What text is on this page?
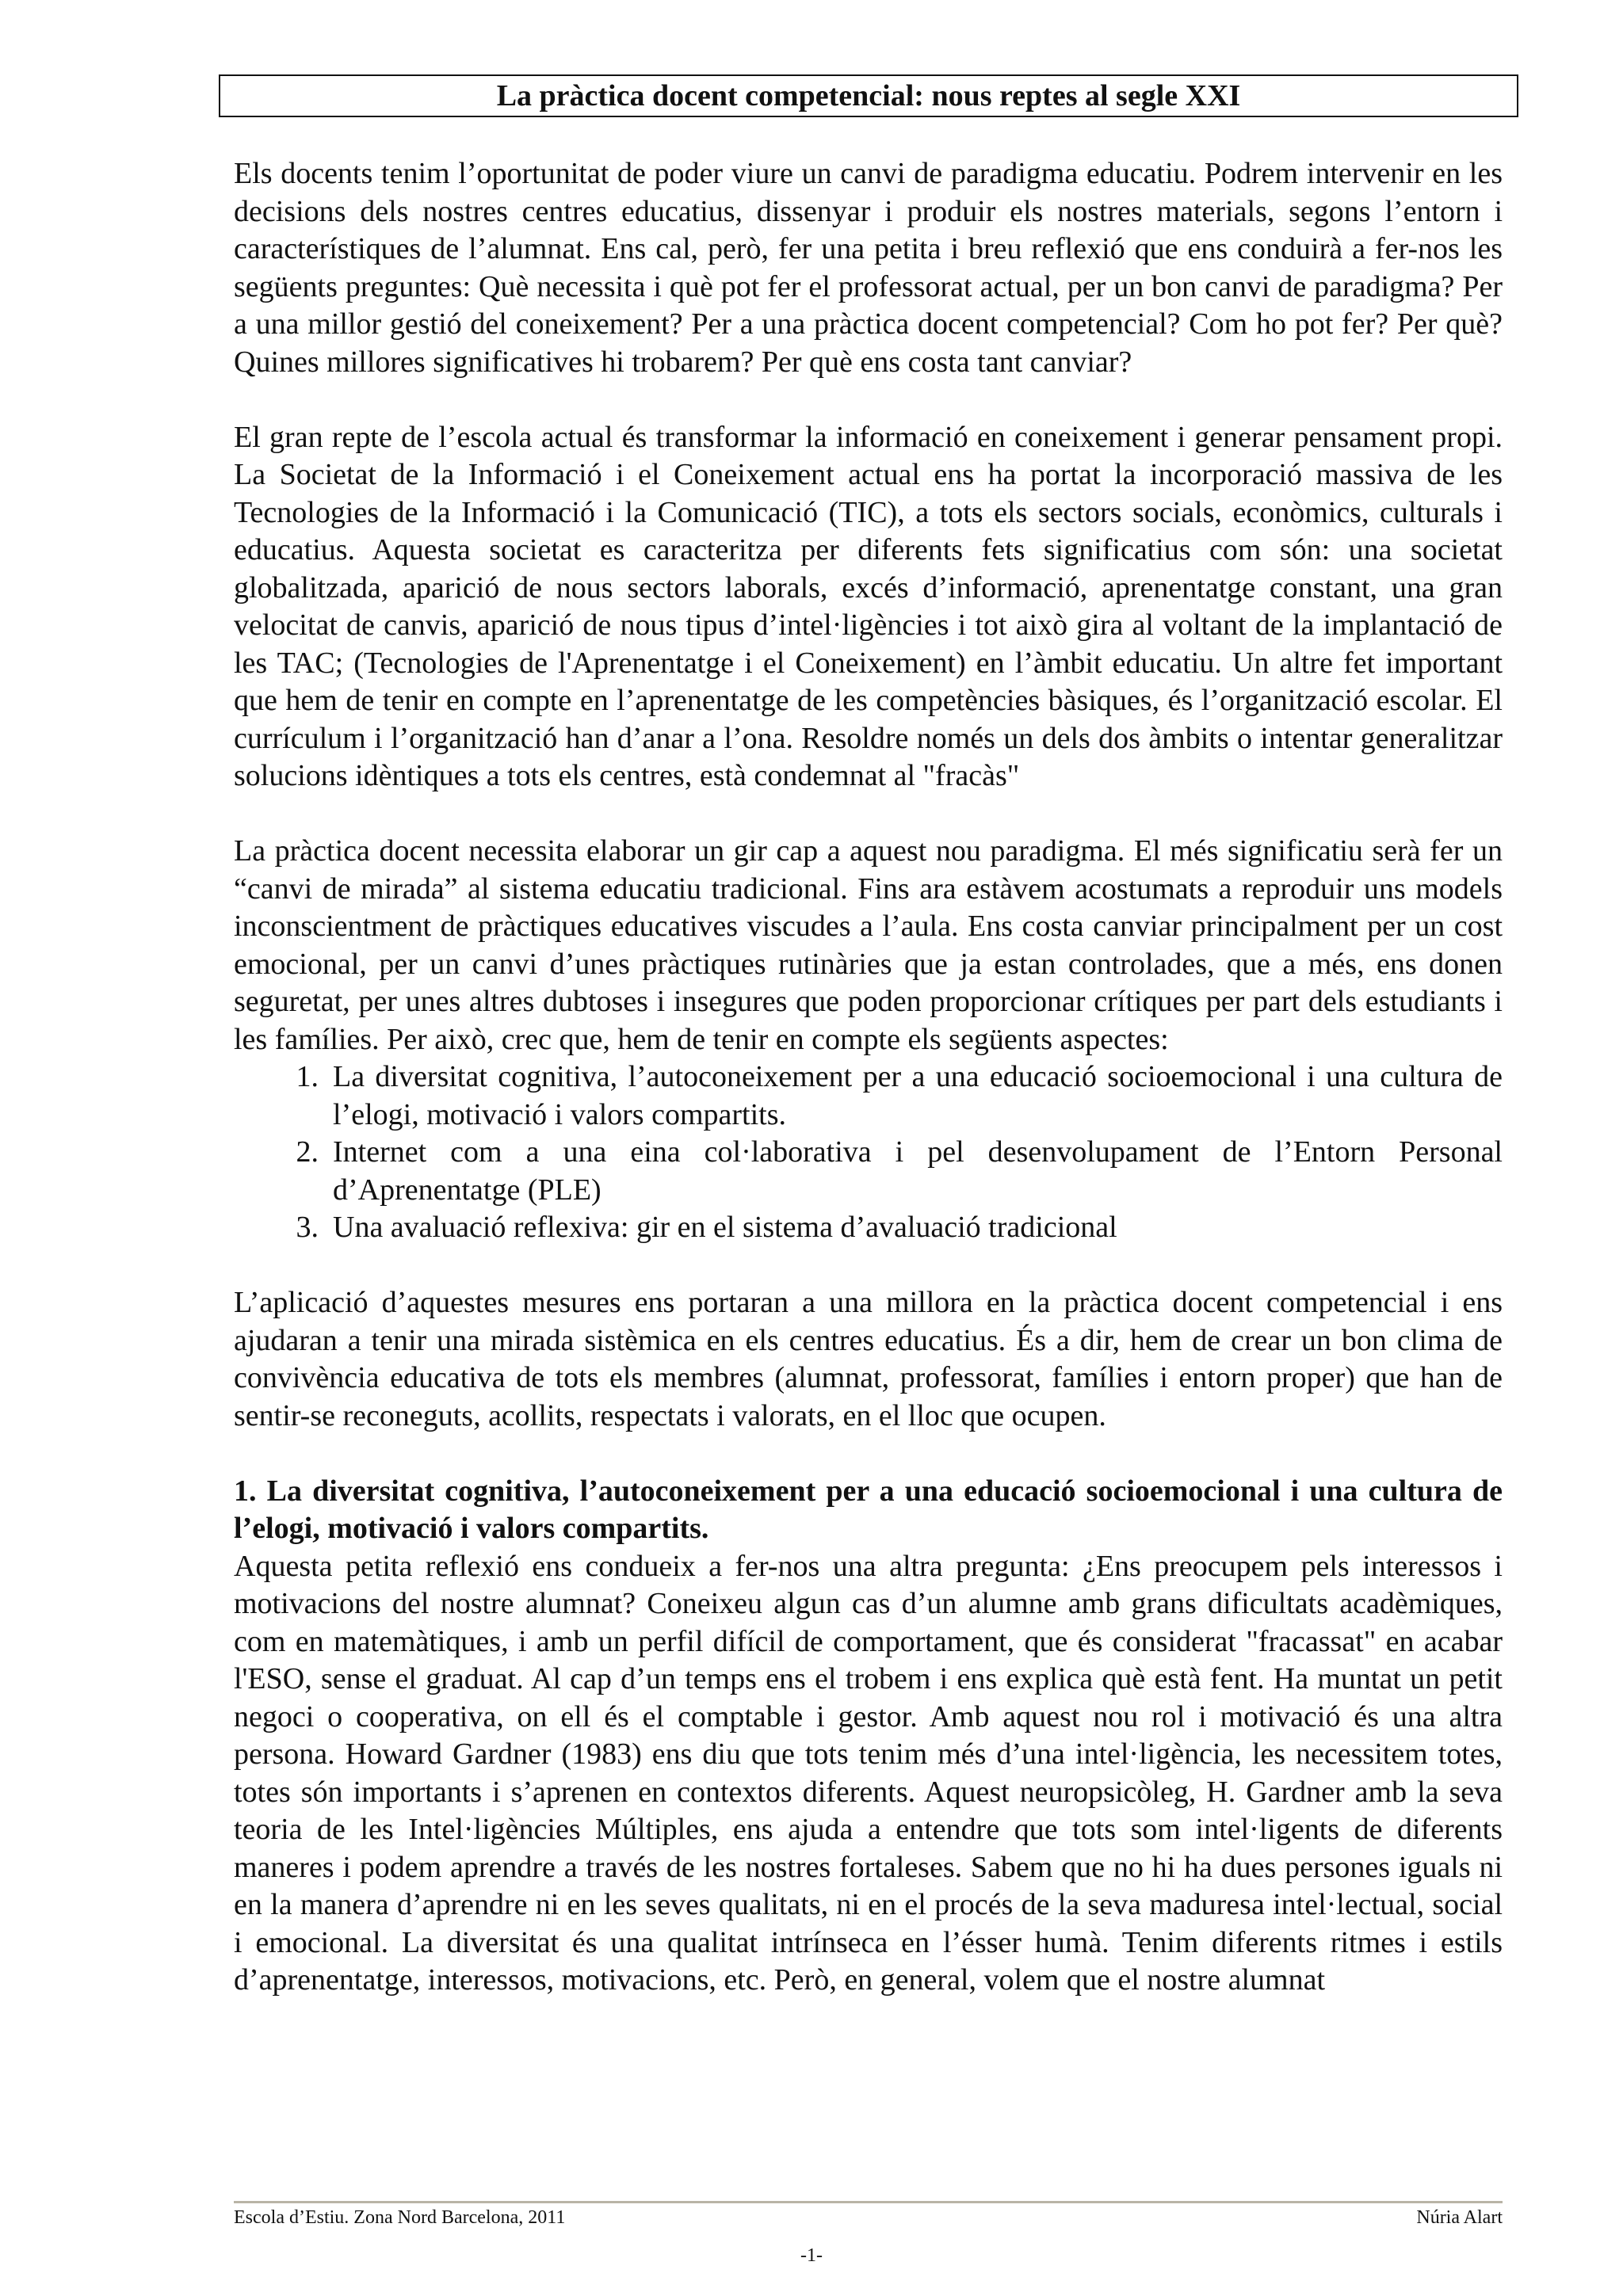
La pràctica docent competencial: nous reptes al segle XXI

Els docents tenim l’oportunitat de poder viure un canvi de paradigma educatiu. Podrem intervenir en les decisions dels nostres centres educatius, dissenyar i produir els nostres materials, segons l’entorn i característiques de l’alumnat. Ens cal, però, fer una petita i breu reflexió que ens conduirà a fer-nos les següents preguntes: Què necessita i què pot fer el professorat actual, per un bon canvi de paradigma? Per a una millor gestió del coneixement? Per a una pràctica docent competencial? Com ho pot fer? Per què? Quines millores significatives hi trobarem? Per què ens costa tant canviar?

El gran repte de l’escola actual és transformar la informació en coneixement i generar pensament propi. La Societat de la Informació i el Coneixement actual ens ha portat la incorporació massiva de les Tecnologies de la Informació i la Comunicació (TIC), a tots els sectors socials, econòmics, culturals i educatius. Aquesta societat es caracteritza per diferents fets significatius com són: una societat globalitzada, aparició de nous sectors laborals, excés d’informació, aprenentatge constant, una gran velocitat de canvis, aparició de nous tipus d’intel·ligències i tot això gira al voltant de la implantació de les TAC; (Tecnologies de l'Aprenentatge i el Coneixement) en l’àmbit educatiu. Un altre fet important que hem de tenir en compte en l’aprenentatge de les competències bàsiques, és l’organització escolar. El currículum i l’organització han d’anar a l’ona. Resoldre només un dels dos àmbits o intentar generalitzar solucions idèntiques a tots els centres, està condemnat al "fracàs"

La pràctica docent necessita elaborar un gir cap a aquest nou paradigma. El més significatiu serà fer un “canvi de mirada” al sistema educatiu tradicional. Fins ara estàvem acostumats a reproduir uns models inconscientment de pràctiques educatives viscudes a l’aula. Ens costa canviar principalment per un cost emocional, per un canvi d’unes pràctiques rutinàries que ja estan controlades, que a més, ens donen seguretat, per unes altres dubtoses i insegures que poden proporcionar crítiques per part dels estudiants i les famílies. Per això, crec que, hem de tenir en compte els següents aspectes:

1. La diversitat cognitiva, l’autoconeixement per a una educació socioemocional i una cultura de l’elogi, motivació i valors compartits.
2. Internet com a una eina col·laborativa i pel desenvolupament de l’Entorn Personal d’Aprenentatge (PLE)
3. Una avaluació reflexiva: gir en el sistema d’avaluació tradicional

L’aplicació d’aquestes mesures ens portaran a una millora en la pràctica docent competencial i ens ajudaran a tenir una mirada sistèmica en els centres educatius. És a dir, hem de crear un bon clima de convivència educativa de tots els membres (alumnat, professorat, famílies i entorn proper) que han de sentir-se reconeguts, acollits, respectats i valorats, en el lloc que ocupen.

1. La diversitat cognitiva, l’autoconeixement per a una educació socioemocional i una cultura de l’elogi, motivació i valors compartits.

Aquesta petita reflexió ens condueix a fer-nos una altra pregunta: ¿Ens preocupem pels interessos i motivacions del nostre alumnat? Coneixeu algun cas d’un alumne amb grans dificultats acadèmiques, com en matemàtiques, i amb un perfil difícil de comportament, que és considerat "fracassat" en acabar l'ESO, sense el graduat. Al cap d’un temps ens el trobem i ens explica què està fent. Ha muntat un petit negoci o cooperativa, on ell és el comptable i gestor. Amb aquest nou rol i motivació és una altra persona. Howard Gardner (1983) ens diu que tots tenim més d’una intel·ligència, les necessitem totes, totes són importants i s’aprenen en contextos diferents. Aquest neuropsicòleg, H. Gardner amb la seva teoria de les Intel·ligències Múltiples, ens ajuda a entendre que tots som intel·ligents de diferents maneres i podem aprendre a través de les nostres fortaleses. Sabem que no hi ha dues persones iguals ni en la manera d’aprendre ni en les seves qualitats, ni en el procés de la seva maduresa intel·lectual, social i emocional. La diversitat és una qualitat intrínseca en l’ésser humà. Tenim diferents ritmes i estils d’aprenentatge, interessos, motivacions, etc. Però, en general, volem que el nostre alumnat

Escola d’Estiu. Zona Nord Barcelona, 2011	Núria Alart
-1-
